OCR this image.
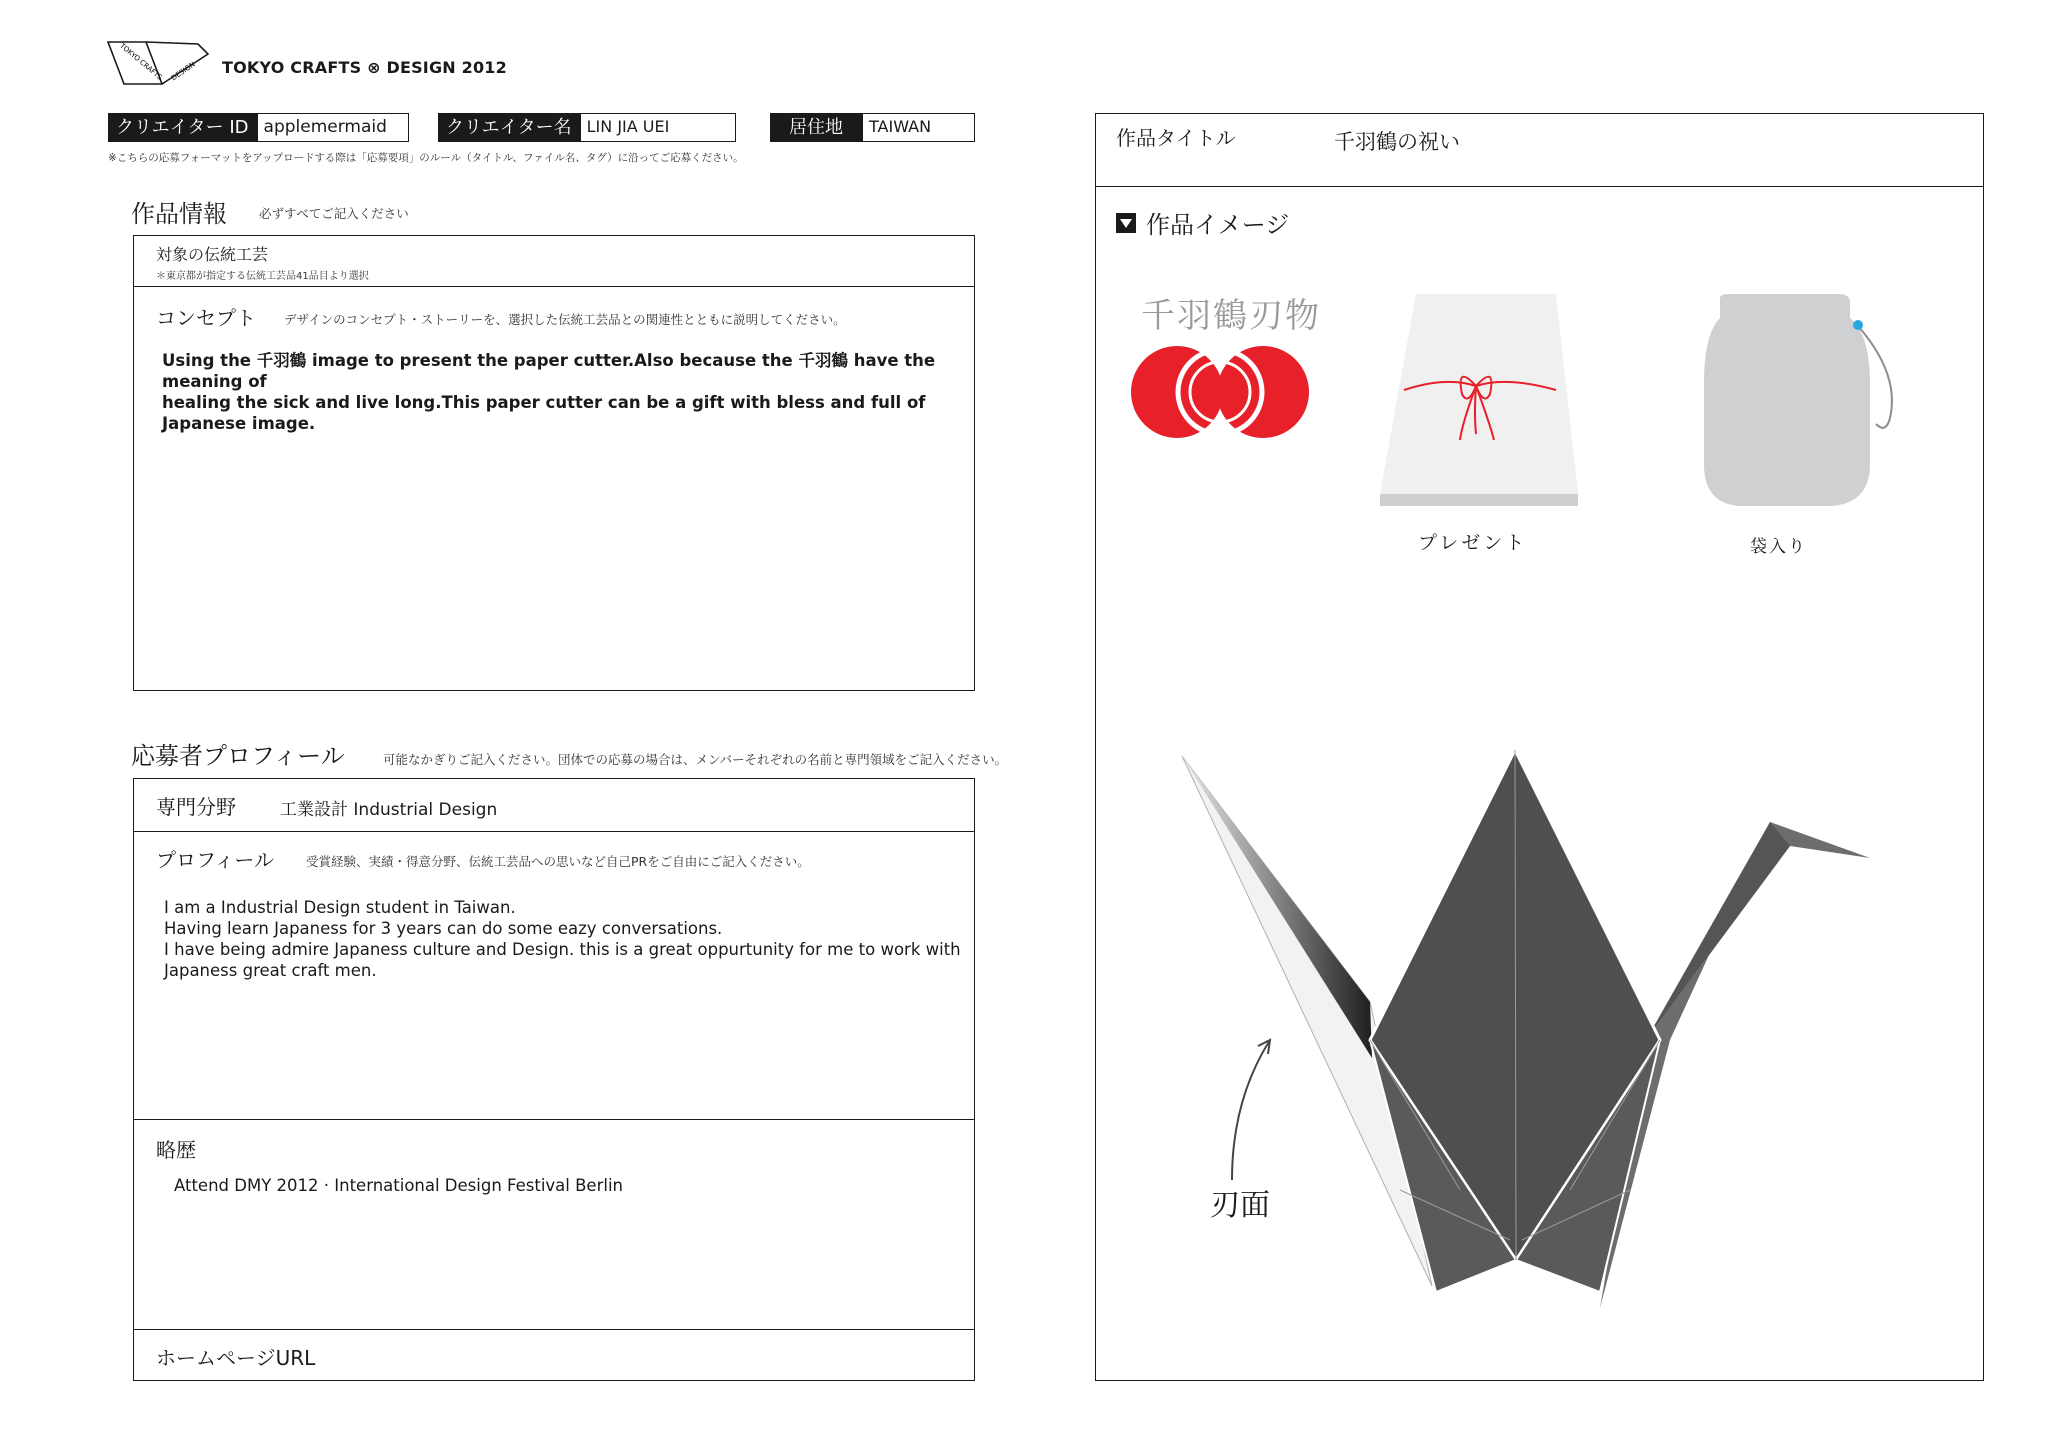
TOKYO CRAFTS DESIGN TOKYO CRAFTS ⊗ DESIGN 2012
クリエイター ID applemermaid	クリエイター名 LIN JIA UEI	居住地	TAIWAN
※こちらの応募フォーマットをアップロードする際は「応募要項」のルール（タイトル、ファイル名、タグ）に沿ってご応募ください。
作品情報	必ずすべてご記入ください
対象の伝統工芸
＊東京都が指定する伝統工芸品41品目より選択
コンセプト デザインのコンセプト・ストーリーを、選択した伝統工芸品との関連性とともに説明してください。
Using the 千羽鶴 image to present the paper cutter.Also because the 千羽鶴 have the meaning of
healing the sick and live long.This paper cutter can be a gift with bless and full of Japanese image.
応募者プロフィール	可能なかぎりご記入ください。団体での応募の場合は、メンバーそれぞれの名前と専門領域をご記入ください。
専門分野	工業設計 Industrial Design
プロフィール	受賞経験、実績・得意分野、伝統工芸品への思いなど自己PRをご自由にご記入ください。
I am a Industrial Design student in Taiwan.
Having learn Japaness for 3 years can do some eazy conversations.
I have being admire Japaness culture and Design. this is a great oppurtunity for me to work with
Japaness great craft men.
略歴
Attend DMY 2012 · International Design Festival Berlin
ホームページURL
作品タイトル	千羽鶴の祝い
作品イメージ
千羽鶴刃物
プレゼント	袋入り
刃面
